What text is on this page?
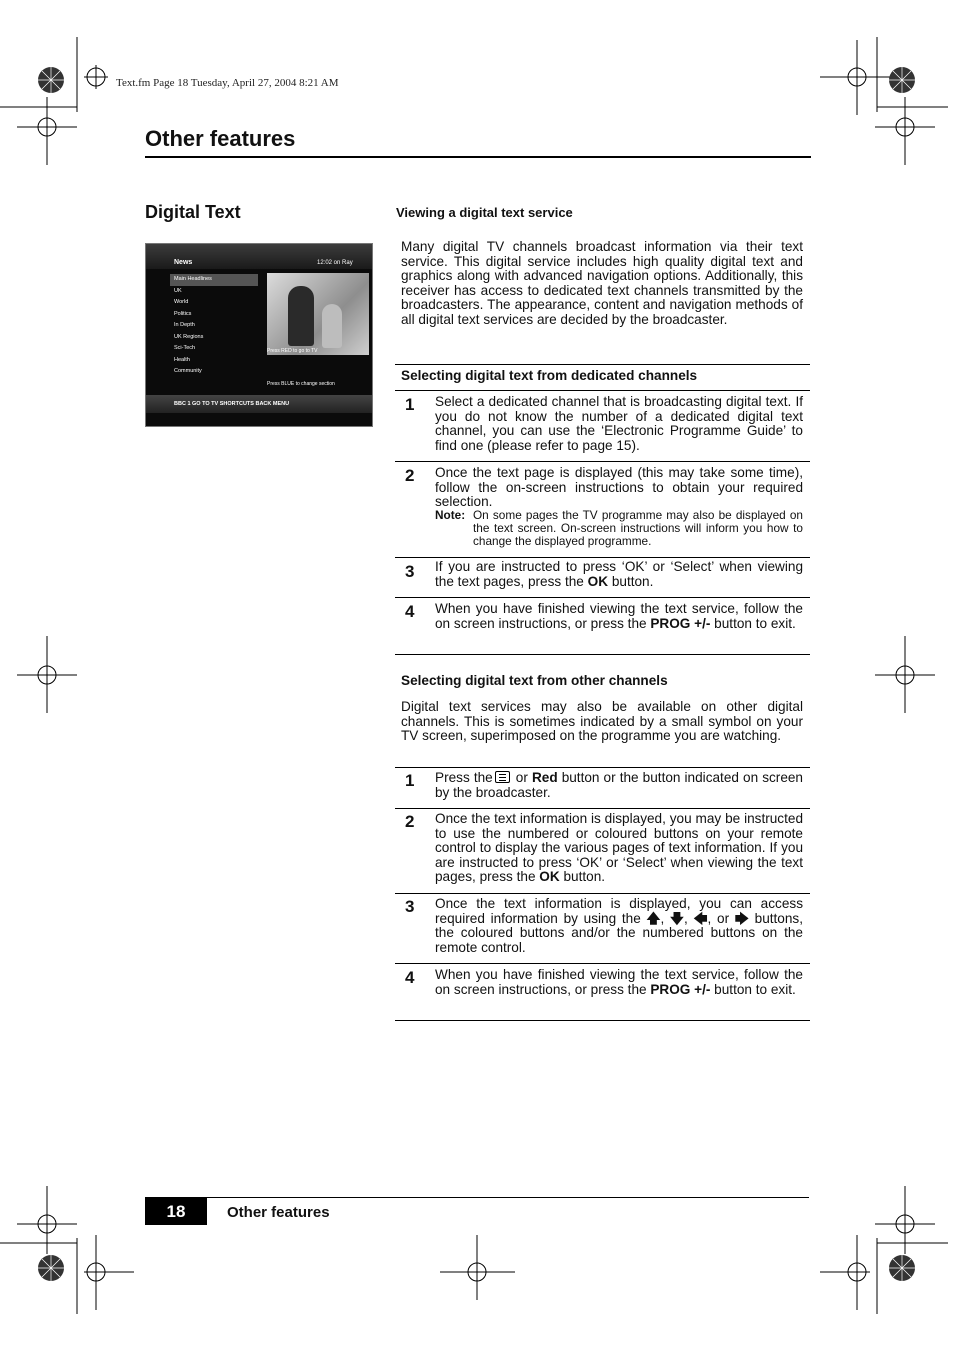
Text.fm Page 18 Tuesday, April 27, 2004 8:21 AM
Other features
Digital Text
News	12:02 on Ray
Main Headlines
UK
World
Politics
In Depth
UK Regions
Sci-Tech
Health
Community
Press RED to go to TV
Press BLUE to change section
BBC 1 GO TO TV SHORTCUTS BACK MENU
Viewing a digital text service

Many digital TV channels broadcast information via their text service. This digital service includes high quality digital text and graphics along with advanced navigation options. Additionally, this receiver has access to dedicated text channels transmitted by the broadcasters. The appearance, content and navigation methods of all digital text services are decided by the broadcaster.

Selecting digital text from dedicated channels
1 Select a dedicated channel that is broadcasting digital text. If you do not know the number of a dedicated digital text channel, you can use the ‘Electronic Programme Guide’ to find one (please refer to page 15).

2 Once the text page is displayed (this may take some time), follow the on-screen instructions to obtain your required selection.

Note: On some pages the TV programme may also be displayed on the text screen. On-screen instructions will inform you how to change the displayed programme.
3 If you are instructed to press ‘OK’ or ‘Select’ when viewing the text pages, press the OK button.

4 When you have finished viewing the text service, follow the on screen instructions, or press the PROG +/- button to exit.

Selecting digital text from other channels

Digital text services may also be available on other digital channels. This is sometimes indicated by a small symbol on your TV screen, superimposed on the programme you are watching.

1 Press the or Red button or the button indicated on screen by the broadcaster.

2 Once the text information is displayed, you may be instructed to use the numbered or coloured buttons on your remote control to display the various pages of text information. If you are instructed to press ‘OK’ or ‘Select’ when viewing the text pages, press the OK button.

3 Once the text information is displayed, you can access required information by using the 🡅, 🡇, 🡄, or 🡆 buttons, the coloured buttons and/or the numbered buttons on the remote control.

4 When you have finished viewing the text service, follow the on screen instructions, or press the PROG +/- button to exit.

18	Other features
